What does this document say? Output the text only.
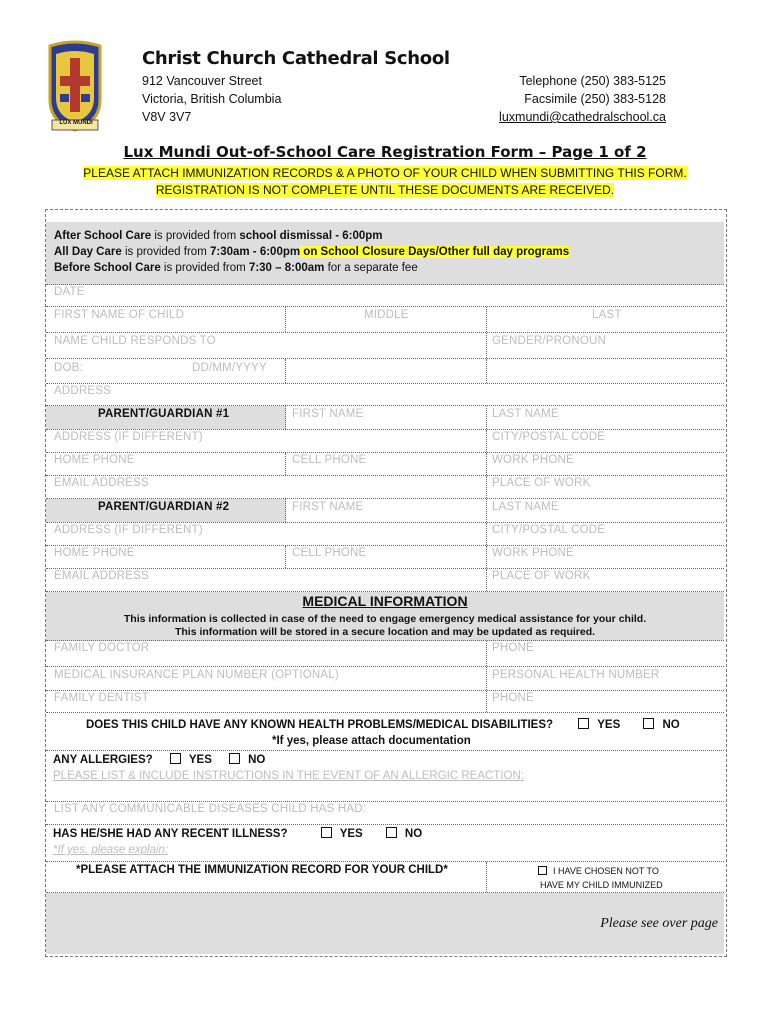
LUX MUNDI
Christ Church Cathedral School
912 Vancouver Street
Victoria, British Columbia
V8V 3V7
Telephone (250) 383-5125
Facsimile (250) 383-5128
luxmundi@cathedralschool.ca
Lux Mundi Out-of-School Care Registration Form – Page 1 of 2
PLEASE ATTACH IMMUNIZATION RECORDS & A PHOTO OF YOUR CHILD WHEN SUBMITTING THIS FORM.
REGISTRATION IS NOT COMPLETE UNTIL THESE DOCUMENTS ARE RECEIVED.
After School Care is provided from school dismissal - 6:00pm
All Day Care is provided from 7:30am - 6:00pm on School Closure Days/Other full day programs
Before School Care is provided from 7:30 – 8:00am for a separate fee
DATE
FIRST NAME OF CHILD	MIDDLE	LAST
NAME CHILD RESPONDS TO	GENDER/PRONOUN
DOB:	DD/MM/YYYY
ADDRESS
PARENT/GUARDIAN #1	FIRST NAME	LAST NAME
ADDRESS (IF DIFFERENT)	CITY/POSTAL CODE
HOME PHONE	CELL PHONE	WORK PHONE
EMAIL ADDRESS	PLACE OF WORK
PARENT/GUARDIAN #2	FIRST NAME	LAST NAME
ADDRESS (IF DIFFERENT)	CITY/POSTAL CODE
HOME PHONE	CELL PHONE	WORK PHONE
EMAIL ADDRESS	PLACE OF WORK
MEDICAL INFORMATION
This information is collected in case of the need to engage emergency medical assistance for your child.
This information will be stored in a secure location and may be updated as required.
FAMILY DOCTOR	PHONE
MEDICAL INSURANCE PLAN NUMBER (OPTIONAL)	PERSONAL HEALTH NUMBER
FAMILY DENTIST	PHONE
DOES THIS CHILD HAVE ANY KNOWN HEALTH PROBLEMS/MEDICAL DISABILITIES?	YES	NO
*If yes, please attach documentation
ANY ALLERGIES?	YES	NO
PLEASE LIST & INCLUDE INSTRUCTIONS IN THE EVENT OF AN ALLERGIC REACTION:
LIST ANY COMMUNICABLE DISEASES CHILD HAS HAD:
HAS HE/SHE HAD ANY RECENT ILLNESS?	YES	NO
*If yes, please explain:
*PLEASE ATTACH THE IMMUNIZATION RECORD FOR YOUR CHILD*	I HAVE CHOSEN NOT TO
HAVE MY CHILD IMMUNIZED
Please see over page
